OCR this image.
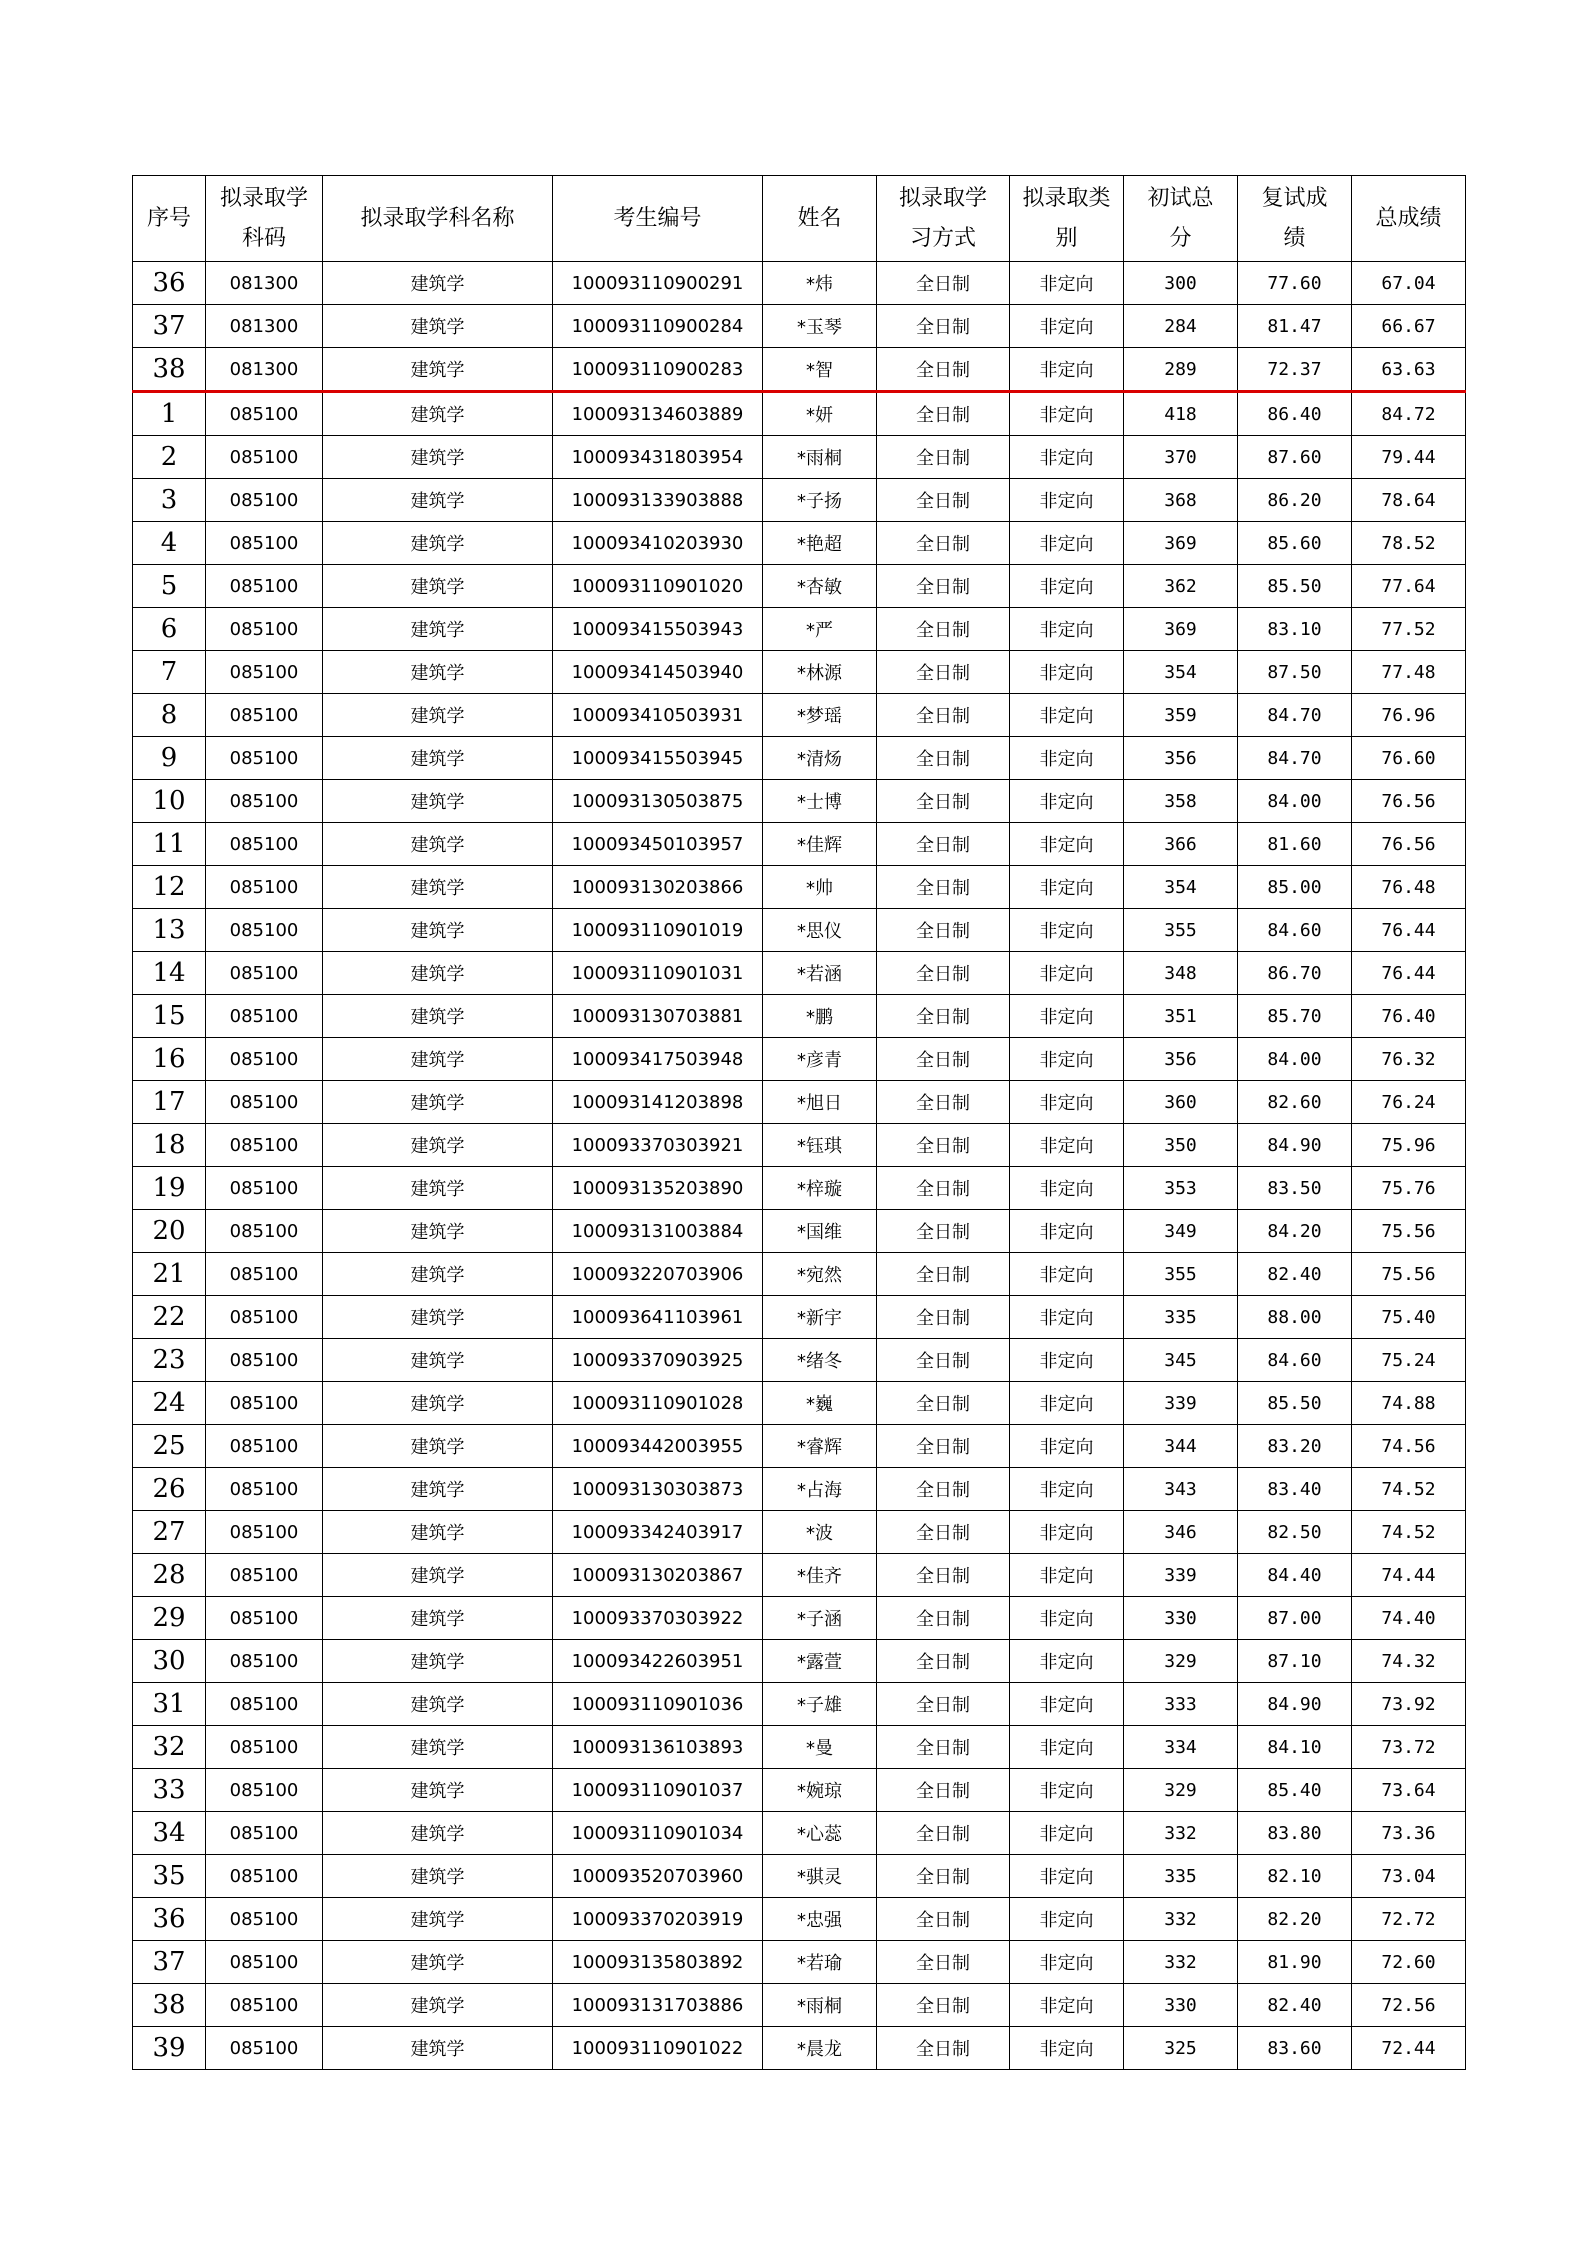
序号	拟录取学科码	拟录取学科名称	考生编号	姓名	拟录取学习方式	拟录取类别	初试总分	复试成绩	总成绩
36	081300	建筑学	100093110900291	*炜	全日制	非定向	300	77.60	67.04
37	081300	建筑学	100093110900284	*玉琴	全日制	非定向	284	81.47	66.67
38	081300	建筑学	100093110900283	*智	全日制	非定向	289	72.37	63.63
1	085100	建筑学	100093134603889	*妍	全日制	非定向	418	86.40	84.72
2	085100	建筑学	100093431803954	*雨桐	全日制	非定向	370	87.60	79.44
3	085100	建筑学	100093133903888	*子扬	全日制	非定向	368	86.20	78.64
4	085100	建筑学	100093410203930	*艳超	全日制	非定向	369	85.60	78.52
5	085100	建筑学	100093110901020	*杏敏	全日制	非定向	362	85.50	77.64
6	085100	建筑学	100093415503943	*严	全日制	非定向	369	83.10	77.52
7	085100	建筑学	100093414503940	*林源	全日制	非定向	354	87.50	77.48
8	085100	建筑学	100093410503931	*梦瑶	全日制	非定向	359	84.70	76.96
9	085100	建筑学	100093415503945	*清炀	全日制	非定向	356	84.70	76.60
10	085100	建筑学	100093130503875	*士博	全日制	非定向	358	84.00	76.56
11	085100	建筑学	100093450103957	*佳辉	全日制	非定向	366	81.60	76.56
12	085100	建筑学	100093130203866	*帅	全日制	非定向	354	85.00	76.48
13	085100	建筑学	100093110901019	*思仪	全日制	非定向	355	84.60	76.44
14	085100	建筑学	100093110901031	*若涵	全日制	非定向	348	86.70	76.44
15	085100	建筑学	100093130703881	*鹏	全日制	非定向	351	85.70	76.40
16	085100	建筑学	100093417503948	*彦青	全日制	非定向	356	84.00	76.32
17	085100	建筑学	100093141203898	*旭日	全日制	非定向	360	82.60	76.24
18	085100	建筑学	100093370303921	*钰琪	全日制	非定向	350	84.90	75.96
19	085100	建筑学	100093135203890	*梓璇	全日制	非定向	353	83.50	75.76
20	085100	建筑学	100093131003884	*国维	全日制	非定向	349	84.20	75.56
21	085100	建筑学	100093220703906	*宛然	全日制	非定向	355	82.40	75.56
22	085100	建筑学	100093641103961	*新宇	全日制	非定向	335	88.00	75.40
23	085100	建筑学	100093370903925	*绪冬	全日制	非定向	345	84.60	75.24
24	085100	建筑学	100093110901028	*巍	全日制	非定向	339	85.50	74.88
25	085100	建筑学	100093442003955	*睿辉	全日制	非定向	344	83.20	74.56
26	085100	建筑学	100093130303873	*占海	全日制	非定向	343	83.40	74.52
27	085100	建筑学	100093342403917	*波	全日制	非定向	346	82.50	74.52
28	085100	建筑学	100093130203867	*佳齐	全日制	非定向	339	84.40	74.44
29	085100	建筑学	100093370303922	*子涵	全日制	非定向	330	87.00	74.40
30	085100	建筑学	100093422603951	*露萱	全日制	非定向	329	87.10	74.32
31	085100	建筑学	100093110901036	*子雄	全日制	非定向	333	84.90	73.92
32	085100	建筑学	100093136103893	*曼	全日制	非定向	334	84.10	73.72
33	085100	建筑学	100093110901037	*婉琼	全日制	非定向	329	85.40	73.64
34	085100	建筑学	100093110901034	*心蕊	全日制	非定向	332	83.80	73.36
35	085100	建筑学	100093520703960	*骐灵	全日制	非定向	335	82.10	73.04
36	085100	建筑学	100093370203919	*忠强	全日制	非定向	332	82.20	72.72
37	085100	建筑学	100093135803892	*若瑜	全日制	非定向	332	81.90	72.60
38	085100	建筑学	100093131703886	*雨桐	全日制	非定向	330	82.40	72.56
39	085100	建筑学	100093110901022	*晨龙	全日制	非定向	325	83.60	72.44
